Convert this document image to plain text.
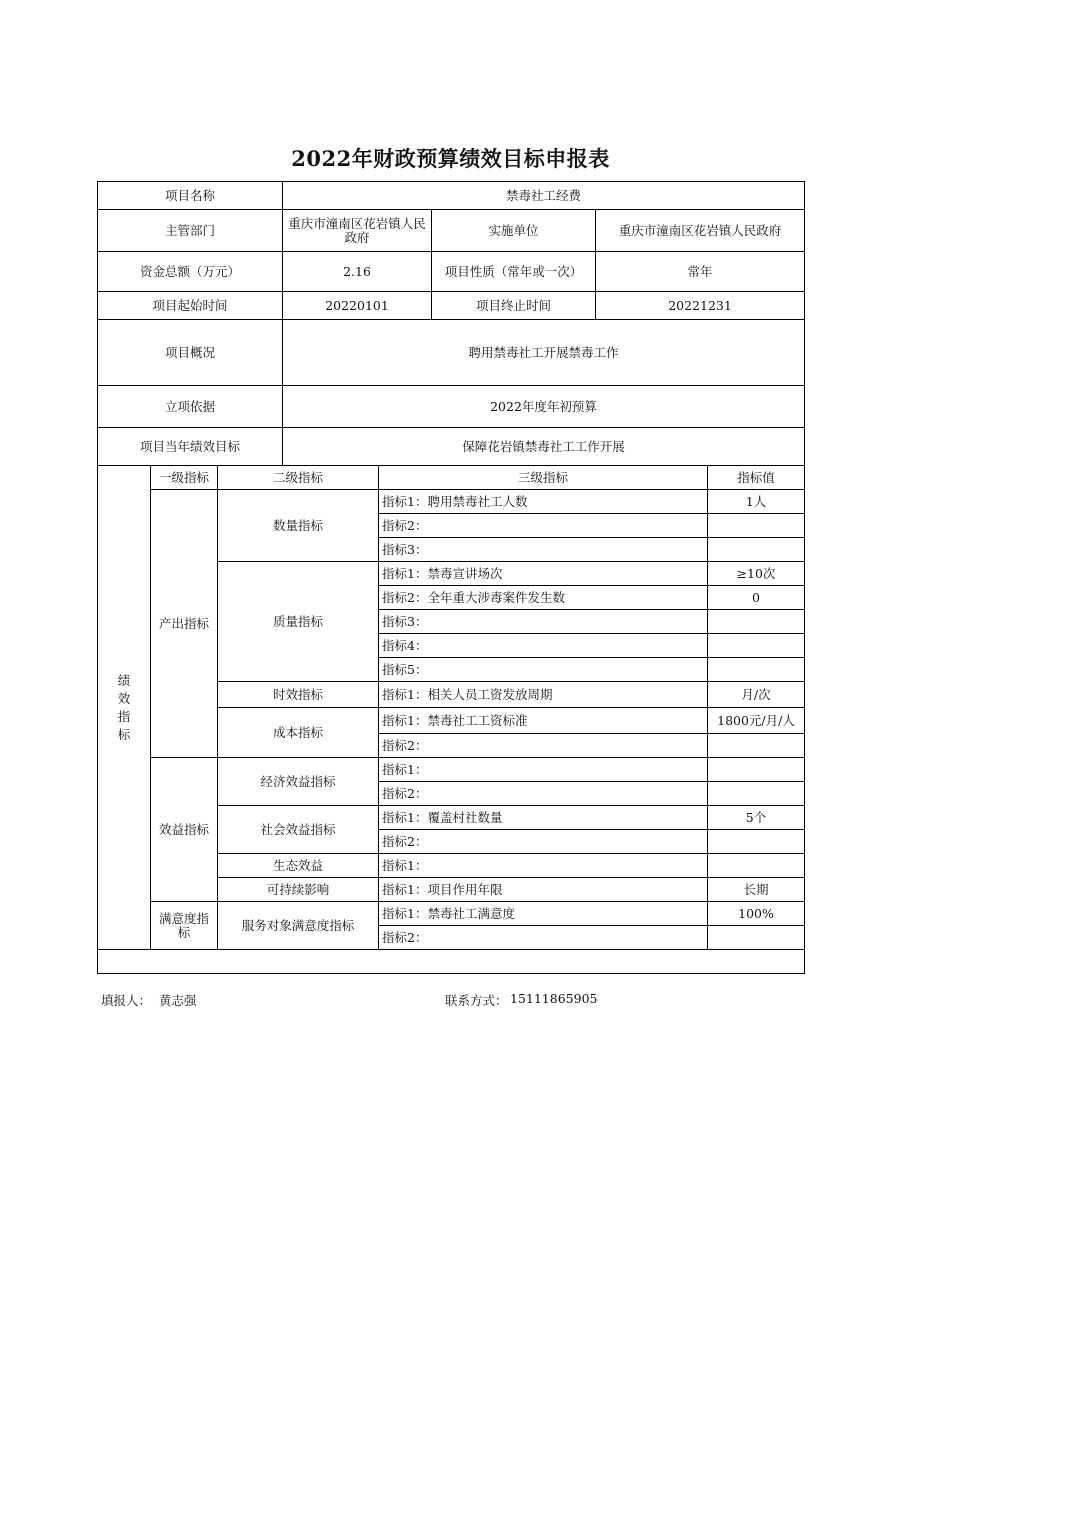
2022年财政预算绩效目标申报表
项目名称	禁毒社工经费		
主管部门	重庆市潼南区花岩镇人民政府	实施单位	重庆市潼南区花岩镇人民政府
资金总额（万元）	2.16	项目性质（常年或一次）	常年
项目起始时间	20220101	项目终止时间	20221231
项目概况	聘用禁毒社工开展禁毒工作		
立项依据	2022年度年初预算		
项目当年绩效目标	保障花岩镇禁毒社工工作开展		
绩效指标	一级指标	二级指标	三级指标	指标值
	产出指标	数量指标	指标1：聘用禁毒社工人数	1人
			指标2：	
			指标3：	
		质量指标	指标1：禁毒宣讲场次	≥10次
			指标2：全年重大涉毒案件发生数	0
			指标3：	
			指标4：	
			指标5：	
		时效指标	指标1：相关人员工资发放周期	月/次
		成本指标	指标1：禁毒社工工资标准	1800元/月/人
			指标2：	
	效益指标	经济效益指标	指标1：	
			指标2：	
		社会效益指标	指标1：覆盖村社数量	5个
			指标2：	
		生态效益	指标1：	
		可持续影响	指标1：项目作用年限	长期
	满意度指标	服务对象满意度指标	指标1：禁毒社工满意度	100%
			指标2：	

填报人： 黄志强	联系方式： 15111865905
